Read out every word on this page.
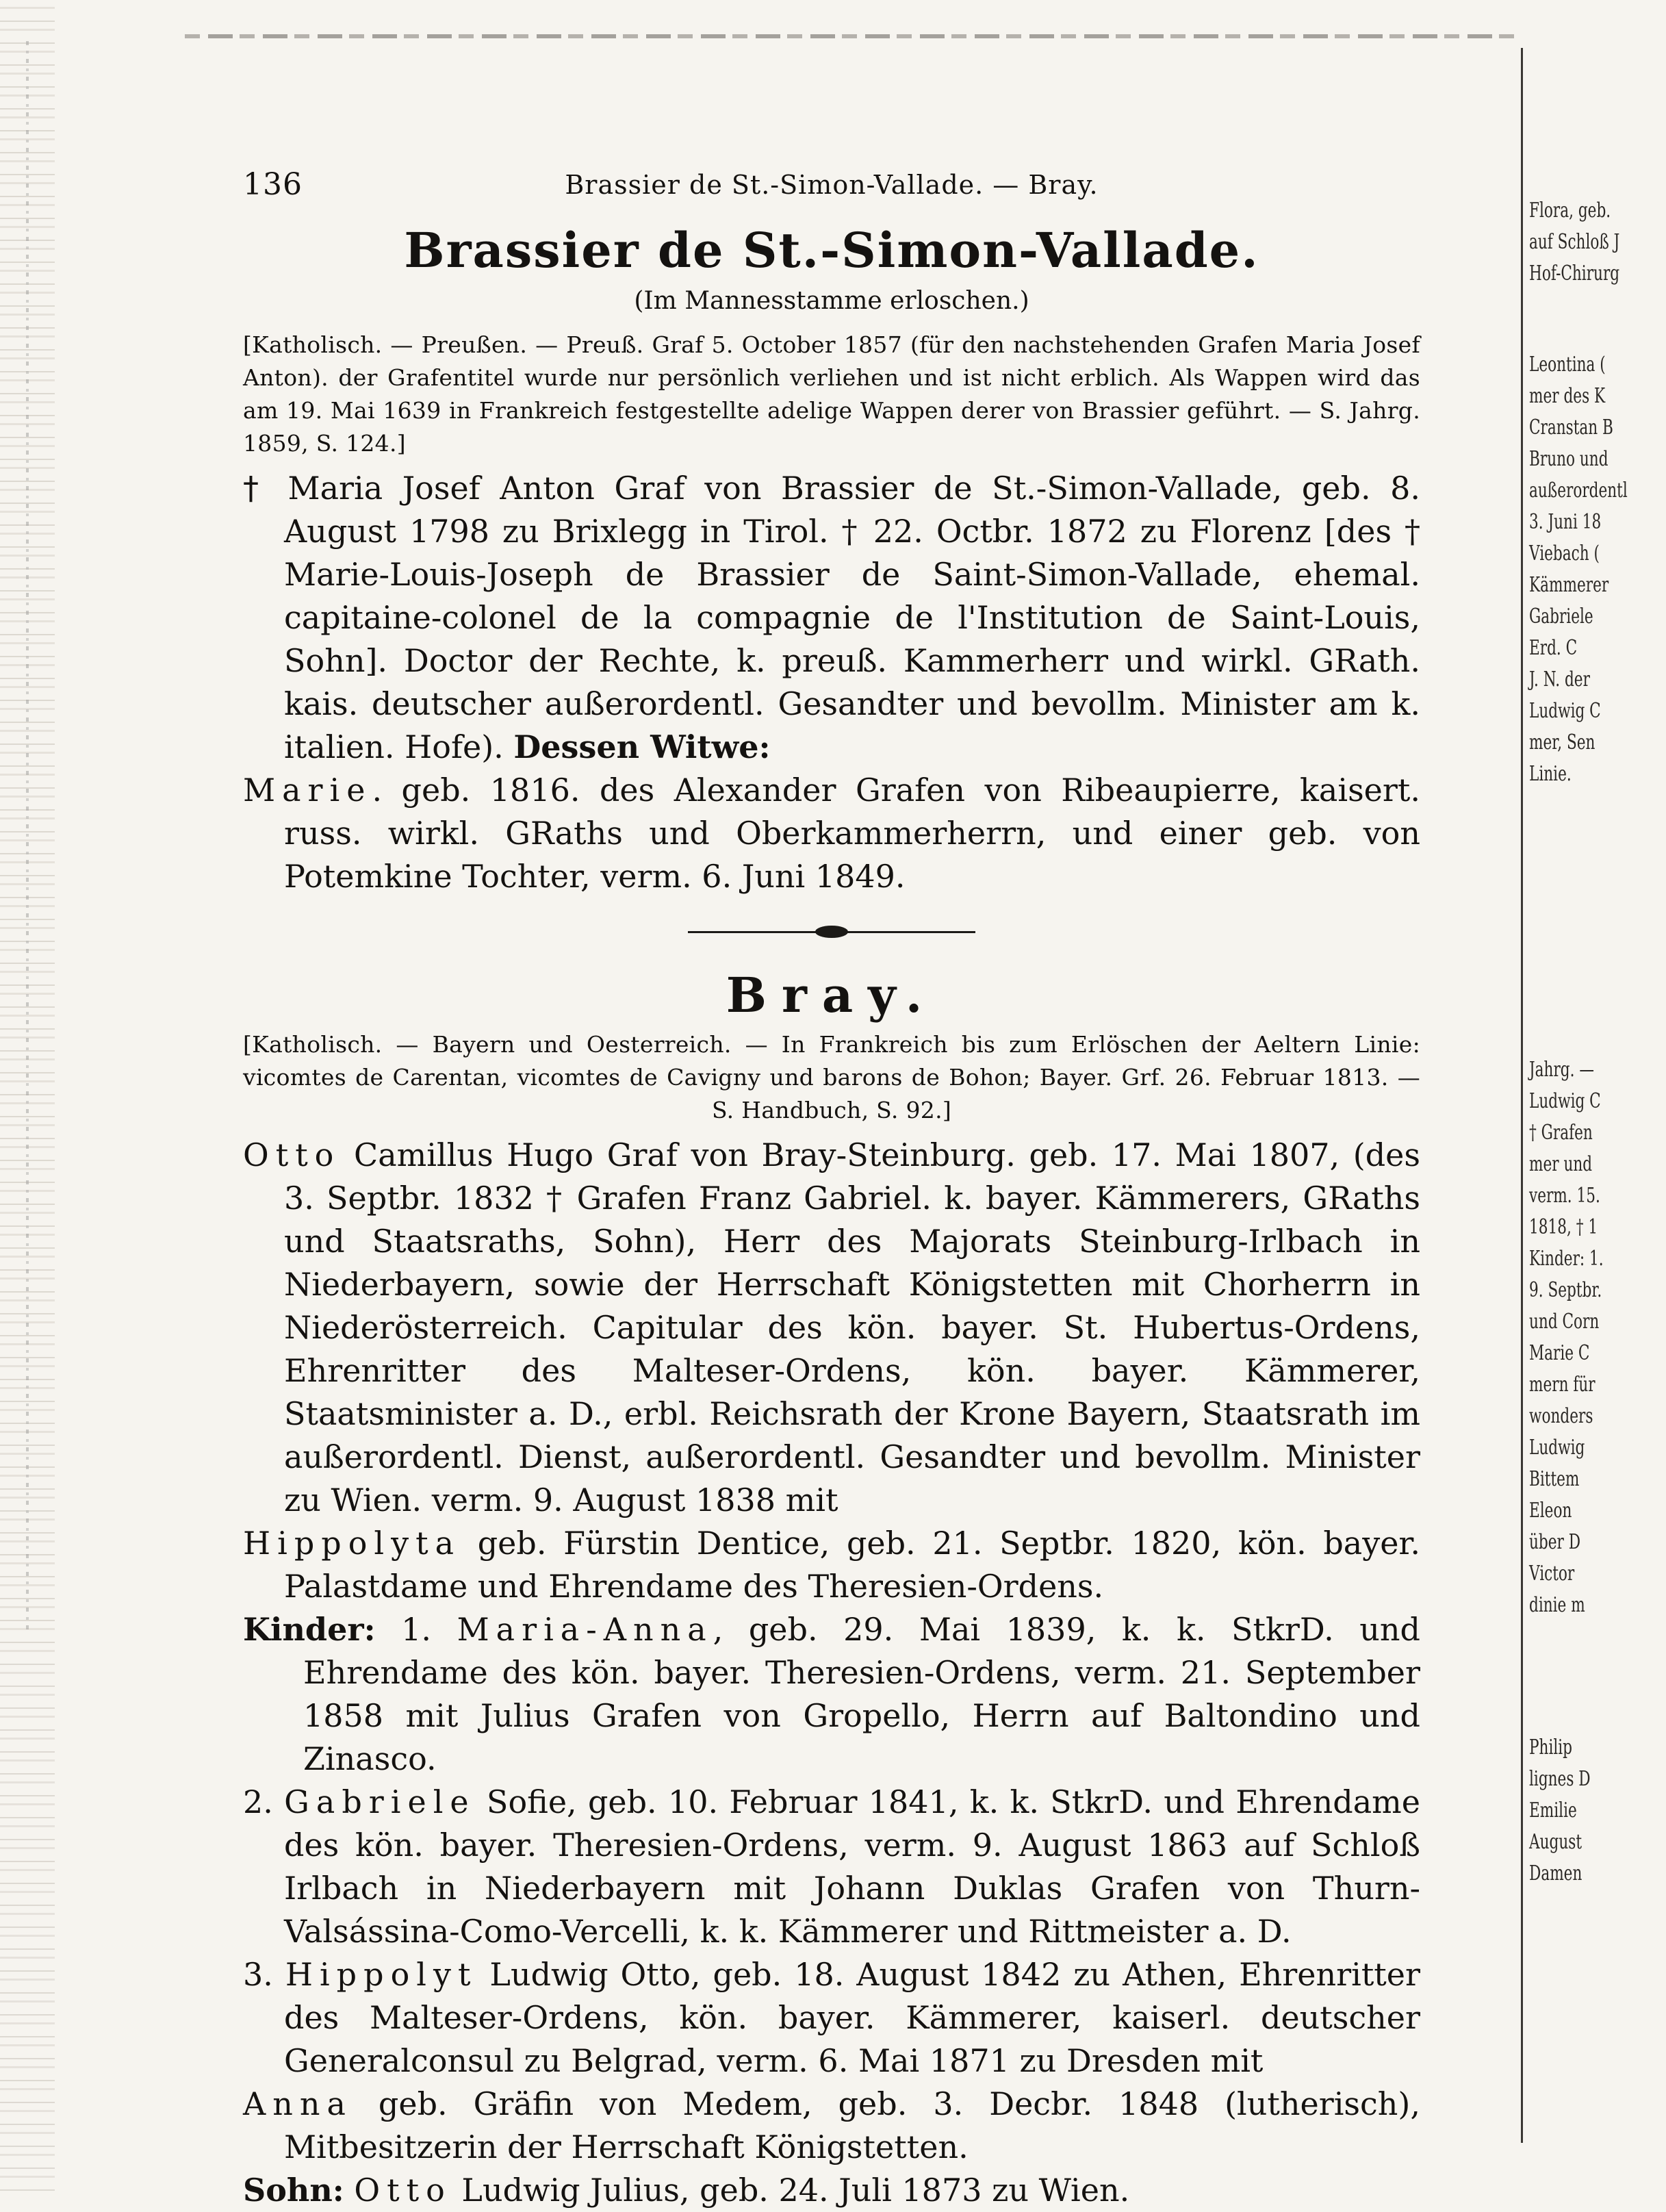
Flora, geb.
auf Schloß J
Hof-Chirurg
Leontina (
mer des K
Cranstan B
Bruno und
außerordentl
3. Juni 18
Viebach (
Kämmerer
Gabriele
Erd. C
J. N. der
Ludwig C
mer, Sen
Linie.
Jahrg. —
Ludwig C
† Grafen
mer und
verm. 15.
1818, † 1
Kinder: 1.
9. Septbr.
und Corn
Marie C
mern für
wonders
Ludwig
Bittem
Eleon
über D
Victor
dinie m
Philip
lignes D
Emilie
August
Damen
136	Brassier de St.-Simon-Vallade. — Bray.
Brassier de St.-Simon-Vallade.
(Im Mannesstamme erloschen.)

[Katholisch. — Preußen. — Preuß. Graf 5. October 1857 (für den nachstehenden Grafen Maria Josef Anton). der Grafentitel wurde nur persönlich verliehen und ist nicht erblich. Als Wappen wird das am 19. Mai 1639 in Frankreich festgestellte adelige Wappen derer von Brassier geführt. — S. Jahrg. 1859, S. 124.]

† Maria Josef Anton Graf von Brassier de St.-Simon-Vallade, geb. 8. August 1798 zu Brixlegg in Tirol. † 22. Octbr. 1872 zu Florenz [des † Marie-Louis-Joseph de Brassier de Saint-Simon-Vallade, ehemal. capitaine-colonel de la compagnie de l'Institution de Saint-Louis, Sohn]. Doctor der Rechte, k. preuß. Kammerherr und wirkl. GRath. kais. deutscher außerordentl. Gesandter und bevollm. Minister am k. italien. Hofe). Dessen Witwe:

Marie. geb. 1816. des Alexander Grafen von Ribeaupierre, kaisert. russ. wirkl. GRaths und Oberkammerherrn, und einer geb. von Potemkine Tochter, verm. 6. Juni 1849.

Bray.

[Katholisch. — Bayern und Oesterreich. — In Frankreich bis zum Erlöschen der Aeltern Linie: vicomtes de Carentan, vicomtes de Cavigny und barons de Bohon; Bayer. Grf. 26. Februar 1813. — S. Handbuch, S. 92.]

Otto Camillus Hugo Graf von Bray-Steinburg. geb. 17. Mai 1807, (des 3. Septbr. 1832 † Grafen Franz Gabriel. k. bayer. Kämmerers, GRaths und Staatsraths, Sohn), Herr des Majorats Steinburg-Irlbach in Niederbayern, sowie der Herrschaft Königstetten mit Chorherrn in Niederösterreich. Capitular des kön. bayer. St. Hubertus-Ordens, Ehrenritter des Malteser-Ordens, kön. bayer. Kämmerer, Staatsminister a. D., erbl. Reichsrath der Krone Bayern, Staatsrath im außerordentl. Dienst, außerordentl. Gesandter und bevollm. Minister zu Wien. verm. 9. August 1838 mit

Hippolyta geb. Fürstin Dentice, geb. 21. Septbr. 1820, kön. bayer. Palastdame und Ehrendame des Theresien-Ordens.

Kinder: 1. Maria-Anna, geb. 29. Mai 1839, k. k. StkrD. und Ehrendame des kön. bayer. Theresien-Ordens, verm. 21. September 1858 mit Julius Grafen von Gropello, Herrn auf Baltondino und Zinasco.

2. Gabriele Sofie, geb. 10. Februar 1841, k. k. StkrD. und Ehrendame des kön. bayer. Theresien-Ordens, verm. 9. August 1863 auf Schloß Irlbach in Niederbayern mit Johann Duklas Grafen von Thurn-Valsássina-Como-Vercelli, k. k. Kämmerer und Rittmeister a. D.

3. Hippolyt Ludwig Otto, geb. 18. August 1842 zu Athen, Ehrenritter des Malteser-Ordens, kön. bayer. Kämmerer, kaiserl. deutscher Generalconsul zu Belgrad, verm. 6. Mai 1871 zu Dresden mit

Anna geb. Gräfin von Medem, geb. 3. Decbr. 1848 (lutherisch), Mitbesitzerin der Herrschaft Königstetten.

Sohn: Otto Ludwig Julius, geb. 24. Juli 1873 zu Wien.
